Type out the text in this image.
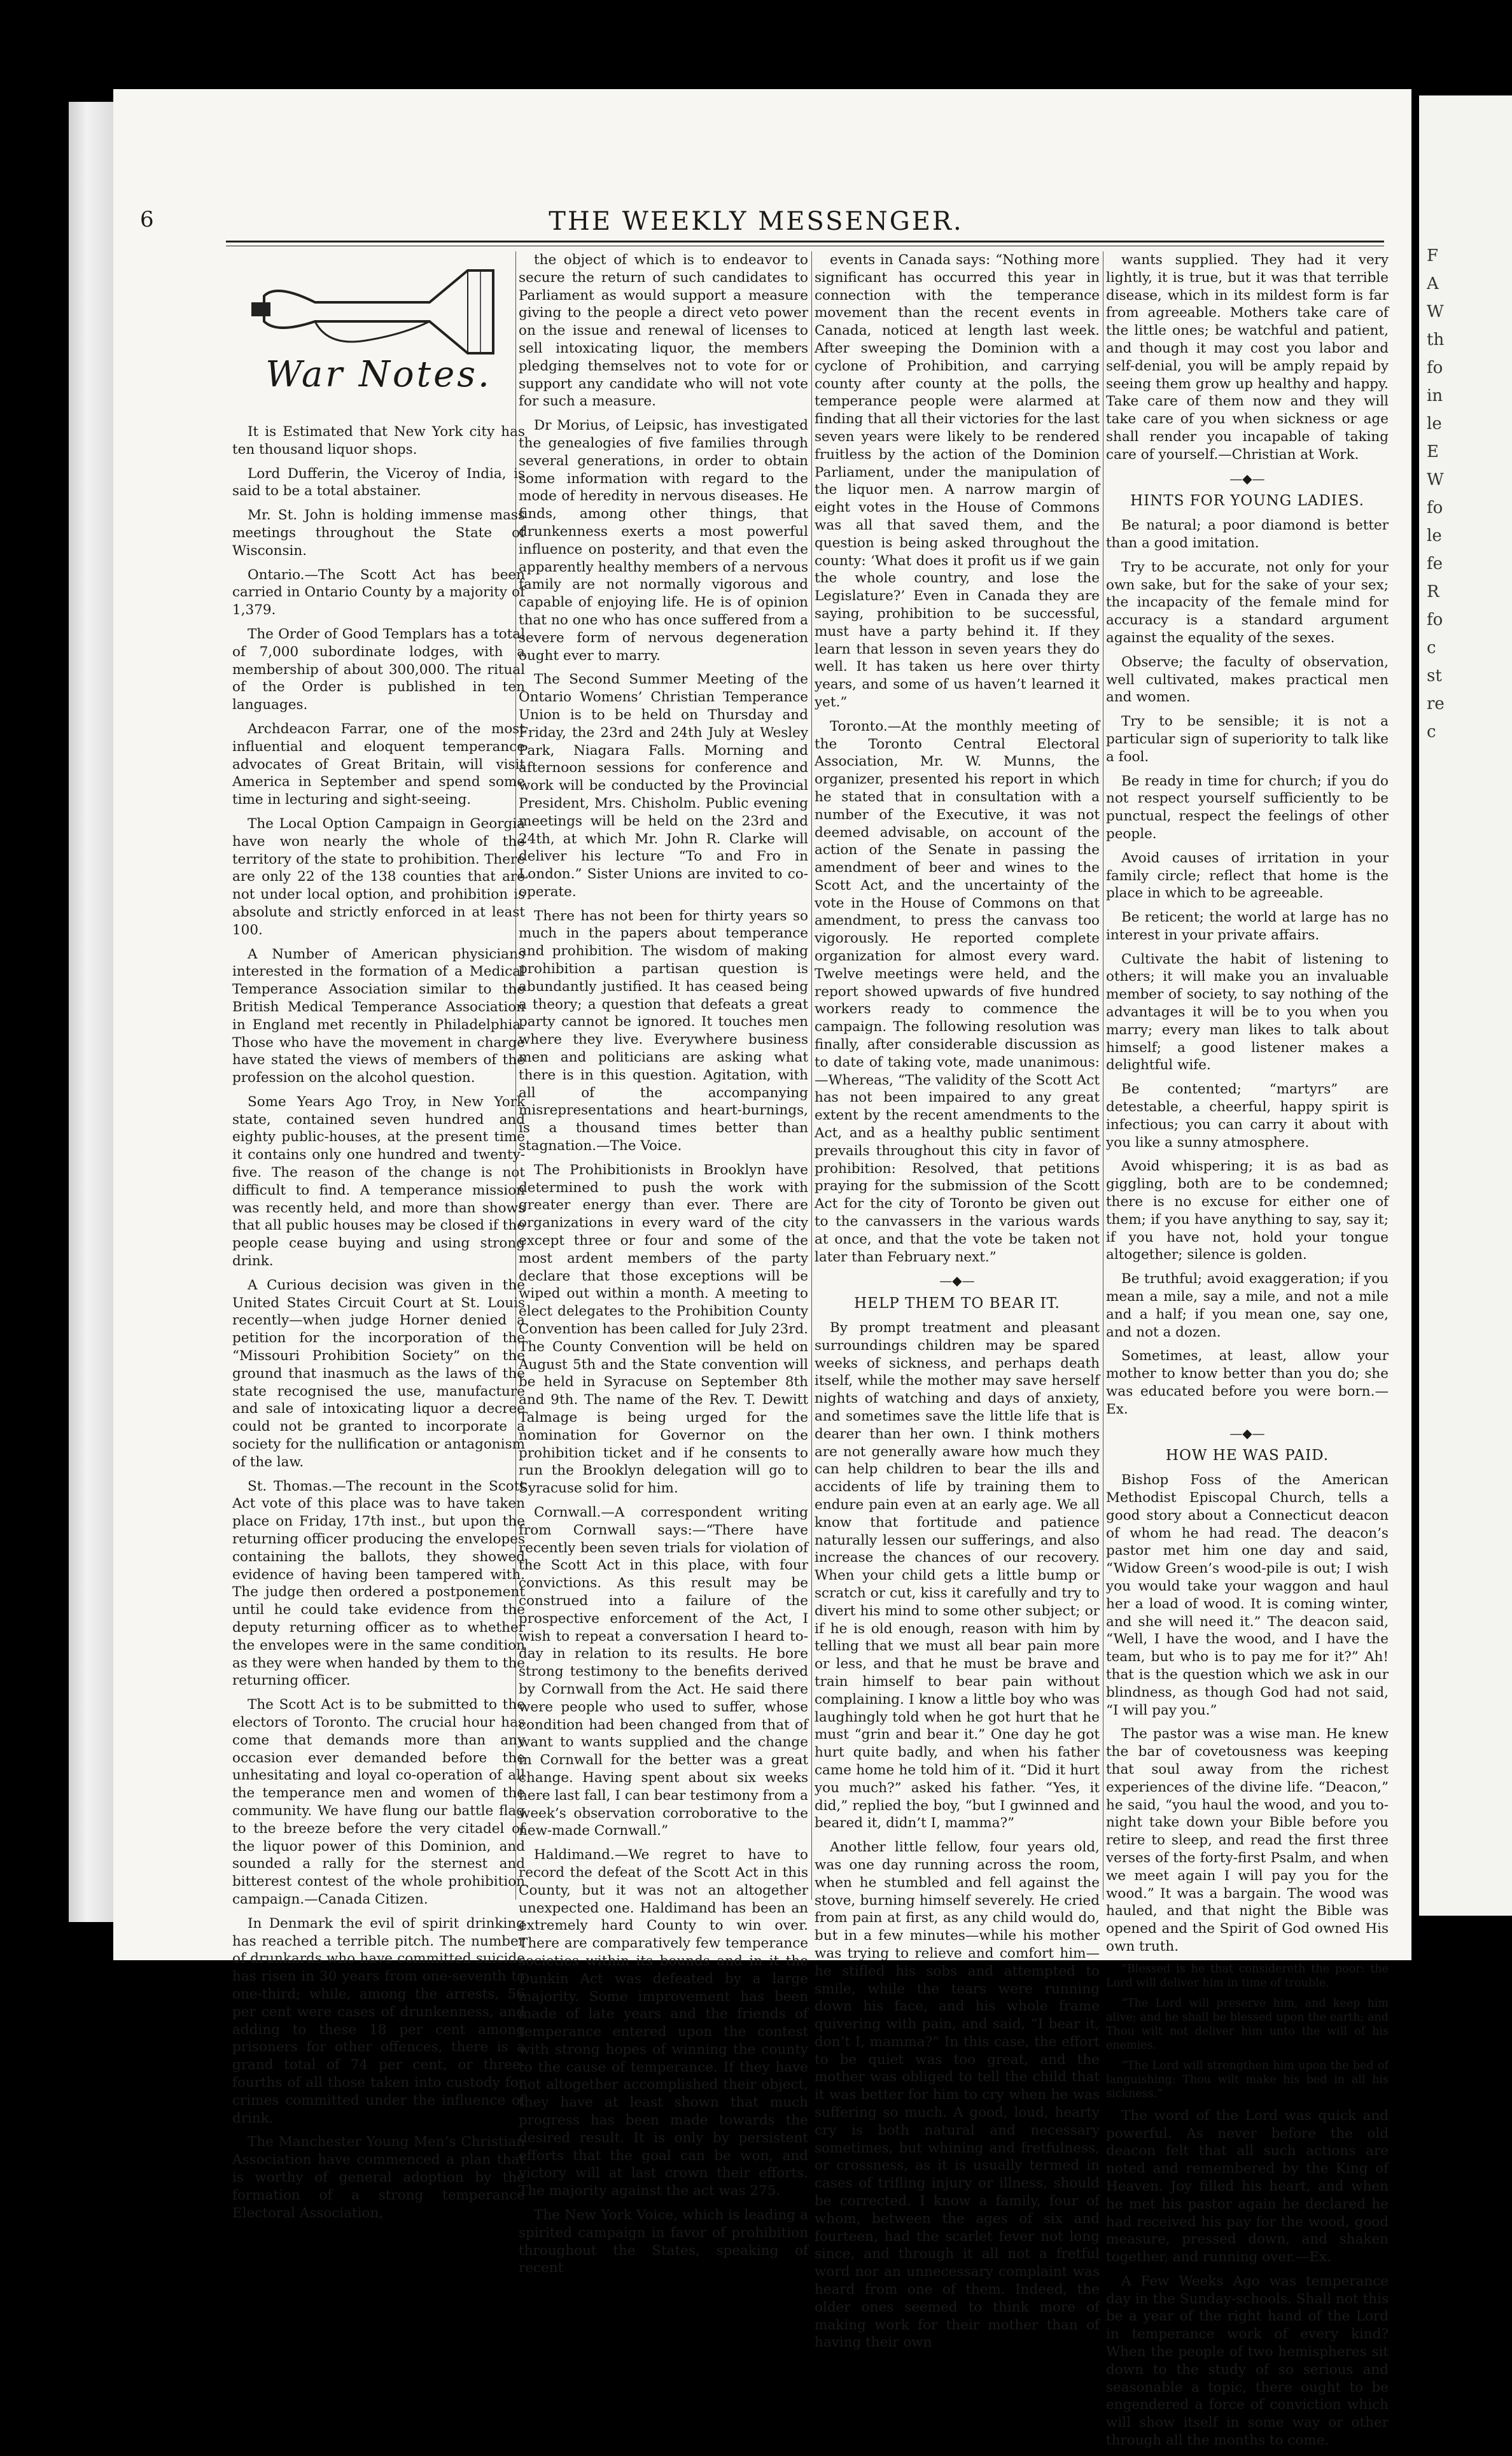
F
A
W
th
fo
in
le
E
W
fo
le
fe
R
fo
c
st
re
c

6	THE WEEKLY MESSENGER.
War Notes.

It is Estimated that New York city has ten thousand liquor shops.

Lord Dufferin, the Viceroy of India, is said to be a total abstainer.

Mr. St. John is holding immense mass meetings throughout the State of Wisconsin.

Ontario.—The Scott Act has been carried in Ontario County by a majority of 1,379.

The Order of Good Templars has a total of 7,000 subordinate lodges, with a membership of about 300,000. The ritual of the Order is published in ten languages.

Archdeacon Farrar, one of the most influential and eloquent temperance advocates of Great Britain, will visit America in September and spend some time in lecturing and sight-seeing.

The Local Option Campaign in Georgia have won nearly the whole of the territory of the state to prohibition. There are only 22 of the 138 counties that are not under local option, and prohibition is absolute and strictly enforced in at least 100.

A Number of American physicians interested in the formation of a Medical Temperance Association similar to the British Medical Temperance Association in England met recently in Philadelphia. Those who have the movement in charge have stated the views of members of the profession on the alcohol question.

Some Years Ago Troy, in New York state, contained seven hundred and eighty public-houses, at the present time it contains only one hundred and twenty-five. The reason of the change is not difficult to find. A temperance mission was recently held, and more than shows that all public houses may be closed if the people cease buying and using strong drink.

A Curious decision was given in the United States Circuit Court at St. Louis recently—when judge Horner denied a petition for the incorporation of the “Missouri Prohibition Society” on the ground that inasmuch as the laws of the state recognised the use, manufacture and sale of intoxicating liquor a decree could not be granted to incorporate a society for the nullification or antagonism of the law.

St. Thomas.—The recount in the Scott Act vote of this place was to have taken place on Friday, 17th inst., but upon the returning officer producing the envelopes containing the ballots, they showed evidence of having been tampered with. The judge then ordered a postponement until he could take evidence from the deputy returning officer as to whether the envelopes were in the same condition as they were when handed by them to the returning officer.

The Scott Act is to be submitted to the electors of Toronto. The crucial hour has come that demands more than any occasion ever demanded before the unhesitating and loyal co-operation of all the temperance men and women of the community. We have flung our battle flag to the breeze before the very citadel of the liquor power of this Dominion, and sounded a rally for the sternest and bitterest contest of the whole prohibition campaign.—Canada Citizen.

In Denmark the evil of spirit drinking has reached a terrible pitch. The number of drunkards who have committed suicide has risen in 30 years from one-seventh to one-third; while, among the arrests, 56 per cent were cases of drunkenness, and adding to these 18 per cent among prisoners for other offences, there is a grand total of 74 per cent, or three-fourths of all those taken into custody for crimes committed under the influence of drink.

The Manchester Young Men’s Christian Association have commenced a plan that is worthy of general adoption by the formation of a strong temperance Electoral Association,

the object of which is to endeavor to secure the return of such candidates to Parliament as would support a measure giving to the people a direct veto power on the issue and renewal of licenses to sell intoxicating liquor, the members pledging themselves not to vote for or support any candidate who will not vote for such a measure.

Dr Morius, of Leipsic, has investigated the genealogies of five families through several generations, in order to obtain some information with regard to the mode of heredity in nervous diseases. He finds, among other things, that drunkenness exerts a most powerful influence on posterity, and that even the apparently healthy members of a nervous family are not normally vigorous and capable of enjoying life. He is of opinion that no one who has once suffered from a severe form of nervous degeneration ought ever to marry.

The Second Summer Meeting of the Ontario Womens’ Christian Temperance Union is to be held on Thursday and Friday, the 23rd and 24th July at Wesley Park, Niagara Falls. Morning and afternoon sessions for conference and work will be conducted by the Provincial President, Mrs. Chisholm. Public evening meetings will be held on the 23rd and 24th, at which Mr. John R. Clarke will deliver his lecture “To and Fro in London.” Sister Unions are invited to co-operate.

There has not been for thirty years so much in the papers about temperance and prohibition. The wisdom of making prohibition a partisan question is abundantly justified. It has ceased being a theory; a question that defeats a great party cannot be ignored. It touches men where they live. Everywhere business men and politicians are asking what there is in this question. Agitation, with all of the accompanying misrepresentations and heart-burnings, is a thousand times better than stagnation.—The Voice.

The Prohibitionists in Brooklyn have determined to push the work with greater energy than ever. There are organizations in every ward of the city except three or four and some of the most ardent members of the party declare that those exceptions will be wiped out within a month. A meeting to elect delegates to the Prohibition County Convention has been called for July 23rd. The County Convention will be held on August 5th and the State convention will be held in Syracuse on September 8th and 9th. The name of the Rev. T. Dewitt Talmage is being urged for the nomination for Governor on the prohibition ticket and if he consents to run the Brooklyn delegation will go to Syracuse solid for him.

Cornwall.—A correspondent writing from Cornwall says:—“There have recently been seven trials for violation of the Scott Act in this place, with four convictions. As this result may be construed into a failure of the prospective enforcement of the Act, I wish to repeat a conversation I heard to-day in relation to its results. He bore strong testimony to the benefits derived by Cornwall from the Act. He said there were people who used to suffer, whose condition had been changed from that of want to wants supplied and the change in Cornwall for the better was a great change. Having spent about six weeks here last fall, I can bear testimony from a week’s observation corroborative to the new-made Cornwall.”

Haldimand.—We regret to have to record the defeat of the Scott Act in this County, but it was not an altogether unexpected one. Haldimand has been an extremely hard County to win over. There are comparatively few temperance societies within its bounds and in it the Dunkin Act was defeated by a large majority. Some improvement has been made of late years and the friends of temperance entered upon the contest with strong hopes of winning the county to the cause of temperance. If they have not altogether accomplished their object, they have at least shown that much progress has been made towards the desired result. It is only by persistent efforts that the goal can be won, and victory will at last crown their efforts. The majority against the act was 275.

The New York Voice, which is leading a spirited campaign in favor of prohibition throughout the States, speaking of recent

events in Canada says: “Nothing more significant has occurred this year in connection with the temperance movement than the recent events in Canada, noticed at length last week. After sweeping the Dominion with a cyclone of Prohibition, and carrying county after county at the polls, the temperance people were alarmed at finding that all their victories for the last seven years were likely to be rendered fruitless by the action of the Dominion Parliament, under the manipulation of the liquor men. A narrow margin of eight votes in the House of Commons was all that saved them, and the question is being asked throughout the county: ‘What does it profit us if we gain the whole country, and lose the Legislature?’ Even in Canada they are saying, prohibition to be successful, must have a party behind it. If they learn that lesson in seven years they do well. It has taken us here over thirty years, and some of us haven’t learned it yet.”

Toronto.—At the monthly meeting of the Toronto Central Electoral Association, Mr. W. Munns, the organizer, presented his report in which he stated that in consultation with a number of the Executive, it was not deemed advisable, on account of the action of the Senate in passing the amendment of beer and wines to the Scott Act, and the uncertainty of the vote in the House of Commons on that amendment, to press the canvass too vigorously. He reported complete organization for almost every ward. Twelve meetings were held, and the report showed upwards of five hundred workers ready to commence the campaign. The following resolution was finally, after considerable discussion as to date of taking vote, made unanimous:—Whereas, “The validity of the Scott Act has not been impaired to any great extent by the recent amendments to the Act, and as a healthy public sentiment prevails throughout this city in favor of prohibition: Resolved, that petitions praying for the submission of the Scott Act for the city of Toronto be given out to the canvassers in the various wards at once, and that the vote be taken not later than February next.”

—◆—
HELP THEM TO BEAR IT.

By prompt treatment and pleasant surroundings children may be spared weeks of sickness, and perhaps death itself, while the mother may save herself nights of watching and days of anxiety, and sometimes save the little life that is dearer than her own. I think mothers are not generally aware how much they can help children to bear the ills and accidents of life by training them to endure pain even at an early age. We all know that fortitude and patience naturally lessen our sufferings, and also increase the chances of our recovery. When your child gets a little bump or scratch or cut, kiss it carefully and try to divert his mind to some other subject; or if he is old enough, reason with him by telling that we must all bear pain more or less, and that he must be brave and train himself to bear pain without complaining. I know a little boy who was laughingly told when he got hurt that he must “grin and bear it.” One day he got hurt quite badly, and when his father came home he told him of it. “Did it hurt you much?” asked his father. “Yes, it did,” replied the boy, “but I gwinned and beared it, didn’t I, mamma?”

Another little fellow, four years old, was one day running across the room, when he stumbled and fell against the stove, burning himself severely. He cried from pain at first, as any child would do, but in a few minutes—while his mother was trying to relieve and comfort him—he stifled his sobs and attempted to smile, while the tears were running down his face, and his whole frame quivering with pain, and said, “I bear it, don’t I, mamma?” In this case, the effort to be quiet was too great, and the mother was obliged to tell the child that it was better for him to cry when he was suffering so much. A good, loud, hearty cry is both natural and necessary sometimes, but whining and fretfulness, or crossness, as it is usually termed in cases of trifling injury or illness, should be corrected. I know a family, four of whom, between the ages of six and fourteen, had the scarlet fever not long since, and through it all not a fretful word nor an unnecessary complaint was heard from one of them. Indeed, the older ones seemed to think more of making work for their mother than of having their own

wants supplied. They had it very lightly, it is true, but it was that terrible disease, which in its mildest form is far from agreeable. Mothers take care of the little ones; be watchful and patient, and though it may cost you labor and self-denial, you will be amply repaid by seeing them grow up healthy and happy. Take care of them now and they will take care of you when sickness or age shall render you incapable of taking care of yourself.—Christian at Work.

—◆—
HINTS FOR YOUNG LADIES.

Be natural; a poor diamond is better than a good imitation.

Try to be accurate, not only for your own sake, but for the sake of your sex; the incapacity of the female mind for accuracy is a standard argument against the equality of the sexes.

Observe; the faculty of observation, well cultivated, makes practical men and women.

Try to be sensible; it is not a particular sign of superiority to talk like a fool.

Be ready in time for church; if you do not respect yourself sufficiently to be punctual, respect the feelings of other people.

Avoid causes of irritation in your family circle; reflect that home is the place in which to be agreeable.

Be reticent; the world at large has no interest in your private affairs.

Cultivate the habit of listening to others; it will make you an invaluable member of society, to say nothing of the advantages it will be to you when you marry; every man likes to talk about himself; a good listener makes a delightful wife.

Be contented; “martyrs” are detestable, a cheerful, happy spirit is infectious; you can carry it about with you like a sunny atmosphere.

Avoid whispering; it is as bad as giggling, both are to be condemned; there is no excuse for either one of them; if you have anything to say, say it; if you have not, hold your tongue altogether; silence is golden.

Be truthful; avoid exaggeration; if you mean a mile, say a mile, and not a mile and a half; if you mean one, say one, and not a dozen.

Sometimes, at least, allow your mother to know better than you do; she was educated before you were born.—Ex.

—◆—
HOW HE WAS PAID.

Bishop Foss of the American Methodist Episcopal Church, tells a good story about a Connecticut deacon of whom he had read. The deacon’s pastor met him one day and said, “Widow Green’s wood-pile is out; I wish you would take your waggon and haul her a load of wood. It is coming winter, and she will need it.” The deacon said, “Well, I have the wood, and I have the team, but who is to pay me for it?” Ah! that is the question which we ask in our blindness, as though God had not said, “I will pay you.”

The pastor was a wise man. He knew the bar of covetousness was keeping that soul away from the richest experiences of the divine life. “Deacon,” he said, “you haul the wood, and you to-night take down your Bible before you retire to sleep, and read the first three verses of the forty-first Psalm, and when we meet again I will pay you for the wood.” It was a bargain. The wood was hauled, and that night the Bible was opened and the Spirit of God owned His own truth.

“Blessed is he that considereth the poor: the Lord will deliver him in time of trouble.

“The Lord will preserve him, and keep him alive; and he shall be blessed upon the earth; and Thou wilt not deliver him unto the will of his enemies.

“The Lord will strengthen him upon the bed of languishing: Thou wilt make his bed in all his sickness.”

The word of the Lord was quick and powerful. As never before the old deacon felt that all such actions are noted and remembered by the King of Heaven. Joy filled his heart, and when he met his pastor again he declared he had received his pay for the wood, good measure, pressed down, and shaken together, and running over.—Ex.

A Few Weeks Ago was temperance day in the Sunday-schools. Shall not this be a year of the right hand of the Lord in temperance work of every kind? When the people of two hemispheres sit down to the study of so serious and seasonable a topic, there ought to be engendered a force of conviction which will show itself in some way or other through all the months to come.
